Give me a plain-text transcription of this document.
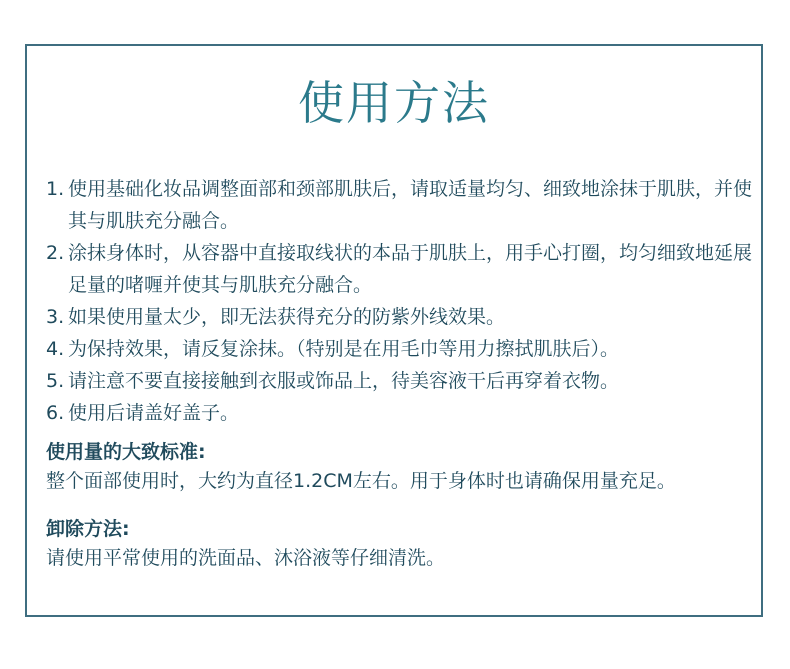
使用方法
1. 使用基础化妆品调整面部和颈部肌肤后，请取适量均匀、细致地涂抹于肌肤，并使其与肌肤充分融合。
2. 涂抹身体时，从容器中直接取线状的本品于肌肤上，用手心打圈，均匀细致地延展足量的啫喱并使其与肌肤充分融合。
3. 如果使用量太少，即无法获得充分的防紫外线效果。
4. 为保持效果，请反复涂抹。（特别是在用毛巾等用力擦拭肌肤后）。
5. 请注意不要直接接触到衣服或饰品上，待美容液干后再穿着衣物。
6. 使用后请盖好盖子。
使用量的大致标准:
整个面部使用时，大约为直径1.2CM左右。用于身体时也请确保用量充足。
卸除方法:
请使用平常使用的洗面品、沐浴液等仔细清洗。
